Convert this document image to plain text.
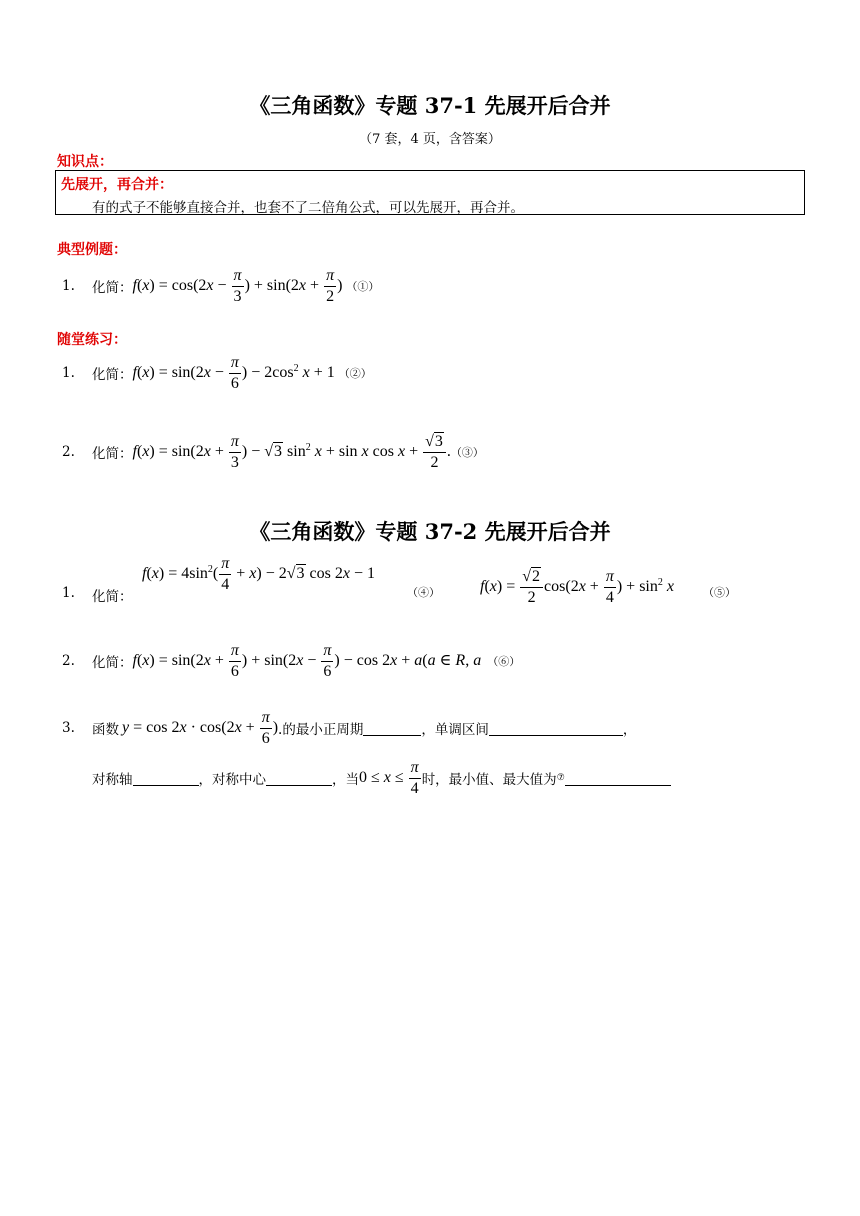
《三角函数》专题 37-1 先展开后合并
（7 套，4 页，含答案）
知识点：
先展开，再合并：
有的式子不能够直接合并，也套不了二倍角公式，可以先展开，再合并。
典型例题：
1.	化简： $f(x) = \cos(2x - \frac{\pi}{3}$ ) + $\sin(2x + \frac{\pi}{2}$ ) （①）
随堂练习：
1.	化简： $f(x) = \sin(2x - \frac{\pi}{6}$ ) − $2\cos^2$ x + 1 （②）
2.	化简： $f(x) = \sin(2x + \frac{\pi}{3}$ ) − √3 $\sin^2 x + \sin x$ $\cos x + \frac{√3}{2}$ . （③）
《三角函数》专题 37-2 先展开后合并
1. 化简：
$f(x) = 4\sin^2( \frac{\pi}{4} + x) - 2√3$ cos 2x − 1
（④）	$f(x) = \frac{√2}{2} \cos(2x + \frac{\pi}{4}$ ) + $\sin^2 x$	（⑤）
2.	化简： $f(x) = \sin(2x + \frac{\pi}{6}$ ) + $\sin(2x - \frac{\pi}{6}$ ) − cos 2x + a(a ∈ R, a （⑥）
3.	函数 $y = \cos 2x \cdot \cos(2x + \frac{\pi}{6}$ ) .的最小正周期	，单调区间	，
对称轴	，对称中心	，当 $0 \le x \le \frac{\pi}{4}$ 时，最小值、最大值为 ⑦
